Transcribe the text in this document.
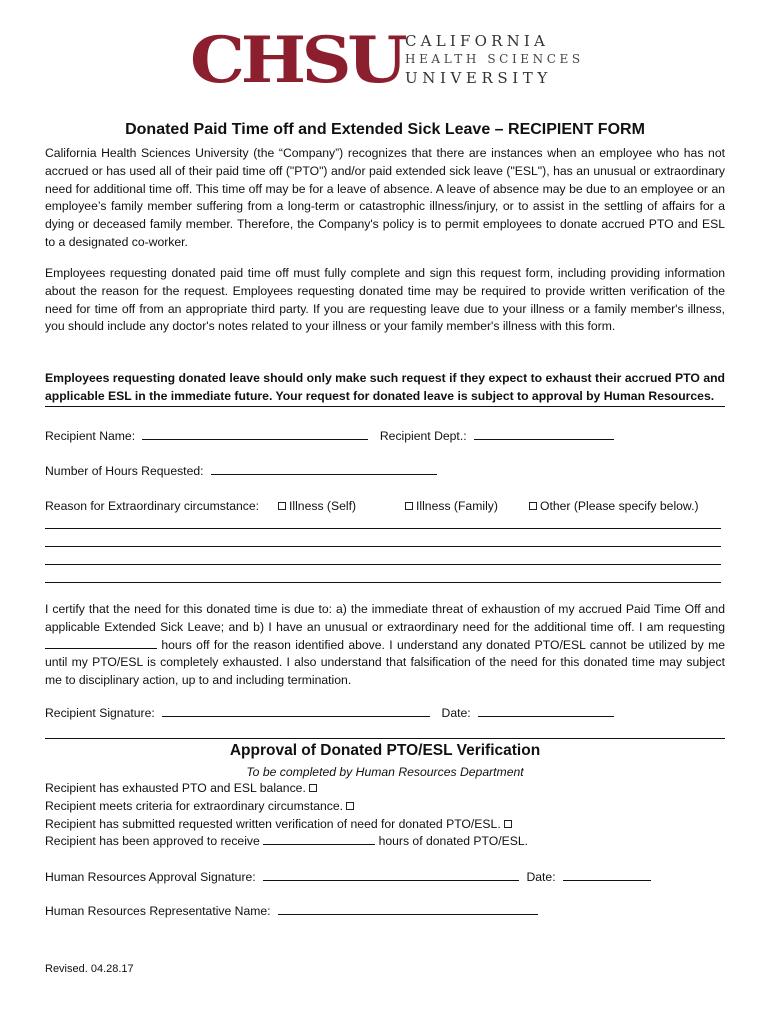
CHSU CALIFORNIA
HEALTH SCIENCES
UNIVERSITY
Donated Paid Time off and Extended Sick Leave – RECIPIENT FORM

California Health Sciences University (the “Company”) recognizes that there are instances when an employee who has not accrued or has used all of their paid time off ("PTO") and/or paid extended sick leave ("ESL"), has an unusual or extraordinary need for additional time off. This time off may be for a leave of absence. A leave of absence may be due to an employee or an employee’s family member suffering from a long-term or catastrophic illness/injury, or to assist in the settling of affairs for a dying or deceased family member. Therefore, the Company's policy is to permit employees to donate accrued PTO and ESL to a designated co-worker.

Employees requesting donated paid time off must fully complete and sign this request form, including providing information about the reason for the request. Employees requesting donated time may be required to provide written verification of the need for time off from an appropriate third party. If you are requesting leave due to your illness or a family member's illness, you should include any doctor's notes related to your illness or your family member's illness with this form.

Employees requesting donated leave should only make such request if they expect to exhaust their accrued PTO and applicable ESL in the immediate future. Your request for donated leave is subject to approval by Human Resources.

Recipient Name:	Recipient Dept.:
Number of Hours Requested:
Reason for Extraordinary circumstance:	Illness (Self)	Illness (Family)	Other (Please specify below.)

I certify that the need for this donated time is due to: a) the immediate threat of exhaustion of my accrued Paid Time Off and applicable Extended Sick Leave; and b) I have an unusual or extraordinary need for the additional time off. I am requesting  hours off for the reason identified above. I understand any donated PTO/ESL cannot be utilized by me until my PTO/ESL is completely exhausted. I also understand that falsification of the need for this donated time may subject me to disciplinary action, up to and including termination.

Recipient Signature:	Date:
Approval of Donated PTO/ESL Verification
To be completed by Human Resources Department
Recipient has exhausted PTO and ESL balance.
Recipient meets criteria for extraordinary circumstance.
Recipient has submitted requested written verification of need for donated PTO/ESL.
Recipient has been approved to receive	hours of donated PTO/ESL.
Human Resources Approval Signature:	Date:
Human Resources Representative Name:
Revised. 04.28.17
